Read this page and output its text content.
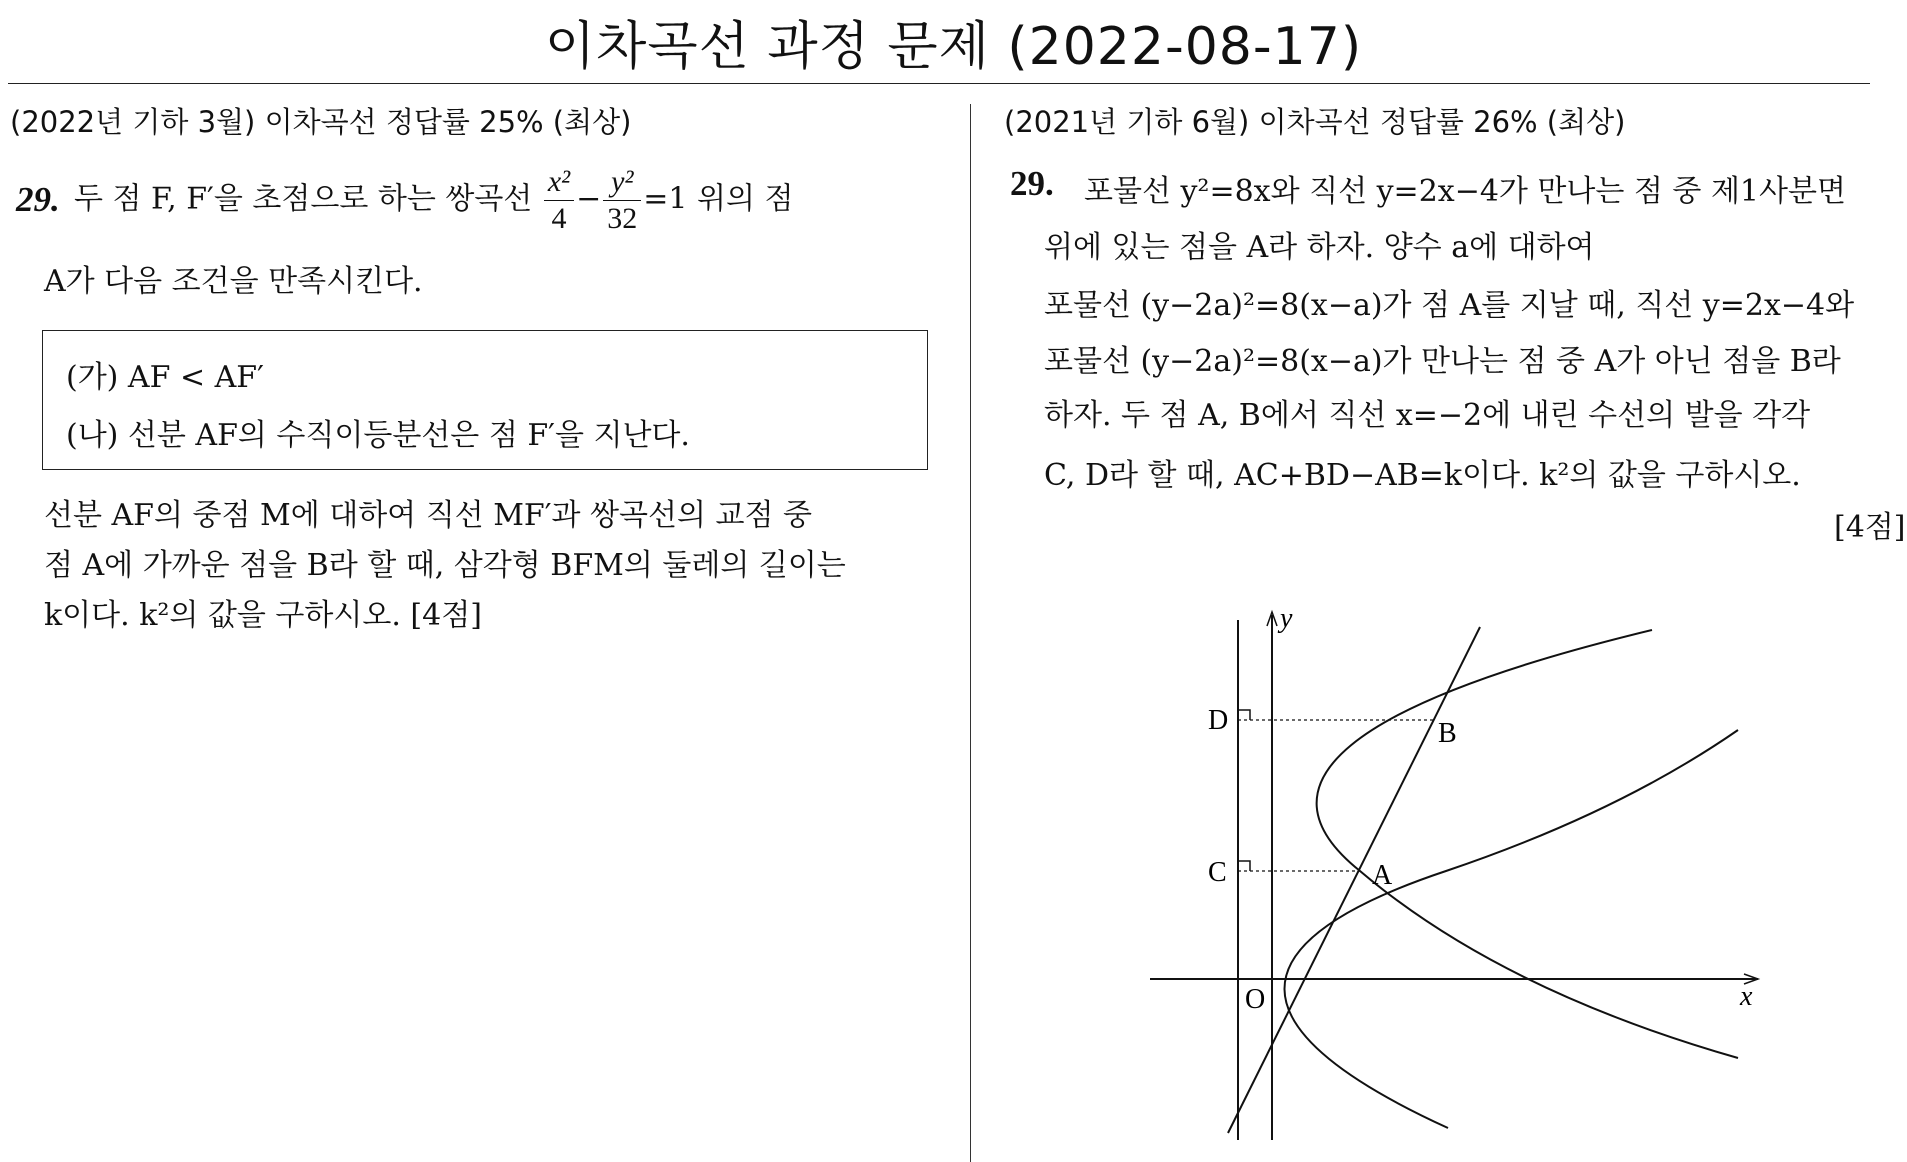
이차곡선 과정 문제 (2022-08-17)
(2022년 기하 3월) 이차곡선 정답률 25% (최상)
29. 두 점 F, F′을 초점으로 하는 쌍곡선 $\frac{\text{x²}}{4} - \frac{\text{y²}}{32} =1$ 위의 점
A가 다음 조건을 만족시킨다.
(가) AF < AF′
(나) 선분 AF의 수직이등분선은 점 F′을 지난다.
선분 AF의 중점 M에 대하여 직선 MF′과 쌍곡선의 교점 중
점 A에 가까운 점을 B라 할 때, 삼각형 BFM의 둘레의 길이는
k이다. k²의 값을 구하시오. [4점]
(2021년 기하 6월) 이차곡선 정답률 26% (최상)
29. 포물선 y²=8x와 직선 y=2x−4가 만나는 점 중 제1사분면
위에 있는 점을 A라 하자. 양수 a에 대하여
포물선 (y−2a)²=8(x−a)가 점 A를 지날 때, 직선 y=2x−4와
포물선 (y−2a)²=8(x−a)가 만나는 점 중 A가 아닌 점을 B라
하자. 두 점 A, B에서 직선 x=−2에 내린 수선의 발을 각각
C, D라 할 때, AC+BD−AB=k이다. k²의 값을 구하시오.
[4점]
y
x
O
D
C
B
A
